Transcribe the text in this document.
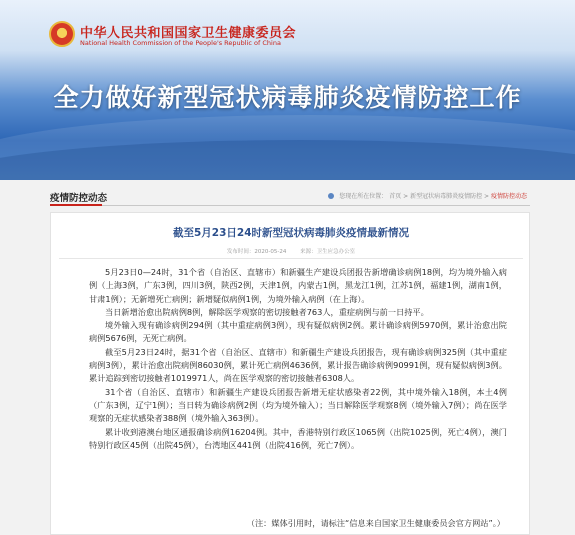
中华人民共和国国家卫生健康委员会
National Health Commission of the People's Republic of China
全力做好新型冠状病毒肺炎疫情防控工作
疫情防控动态	您现在所在位置： 首页 > 新型冠状病毒肺炎疫情防控 > 疫情防控动态
截至5月23日24时新型冠状病毒肺炎疫情最新情况
发布时间：2020-05-24	来源：卫生应急办公室

5月23日0—24时，31个省（自治区、直辖市）和新疆生产建设兵团报告新增确诊病例18例，均为境外输入病例（上海3例，广东3例，四川3例，陕西2例，天津1例，内蒙古1例，黑龙江1例，江苏1例，福建1例，湖南1例，甘肃1例）；无新增死亡病例；新增疑似病例1例，为境外输入病例（在上海）。

当日新增治愈出院病例8例，解除医学观察的密切接触者763人，重症病例与前一日持平。

境外输入现有确诊病例294例（其中重症病例3例），现有疑似病例2例。累计确诊病例5970例，累计治愈出院病例5676例，无死亡病例。

截至5月23日24时，据31个省（自治区、直辖市）和新疆生产建设兵团报告，现有确诊病例325例（其中重症病例3例），累计治愈出院病例86030例，累计死亡病例4636例，累计报告确诊病例90991例，现有疑似病例3例。累计追踪到密切接触者1019971人，尚在医学观察的密切接触者6308人。

31个省（自治区、直辖市）和新疆生产建设兵团报告新增无症状感染者22例，其中境外输入18例，本土4例（广东3例，辽宁1例）；当日转为确诊病例2例（均为境外输入）；当日解除医学观察8例（境外输入7例）；尚在医学观察的无症状感染者388例（境外输入363例）。

累计收到港澳台地区通报确诊病例16204例。其中，香港特别行政区1065例（出院1025例，死亡4例），澳门特别行政区45例（出院45例），台湾地区441例（出院416例，死亡7例）。

（注：媒体引用时，请标注“信息来自国家卫生健康委员会官方网站”。）
